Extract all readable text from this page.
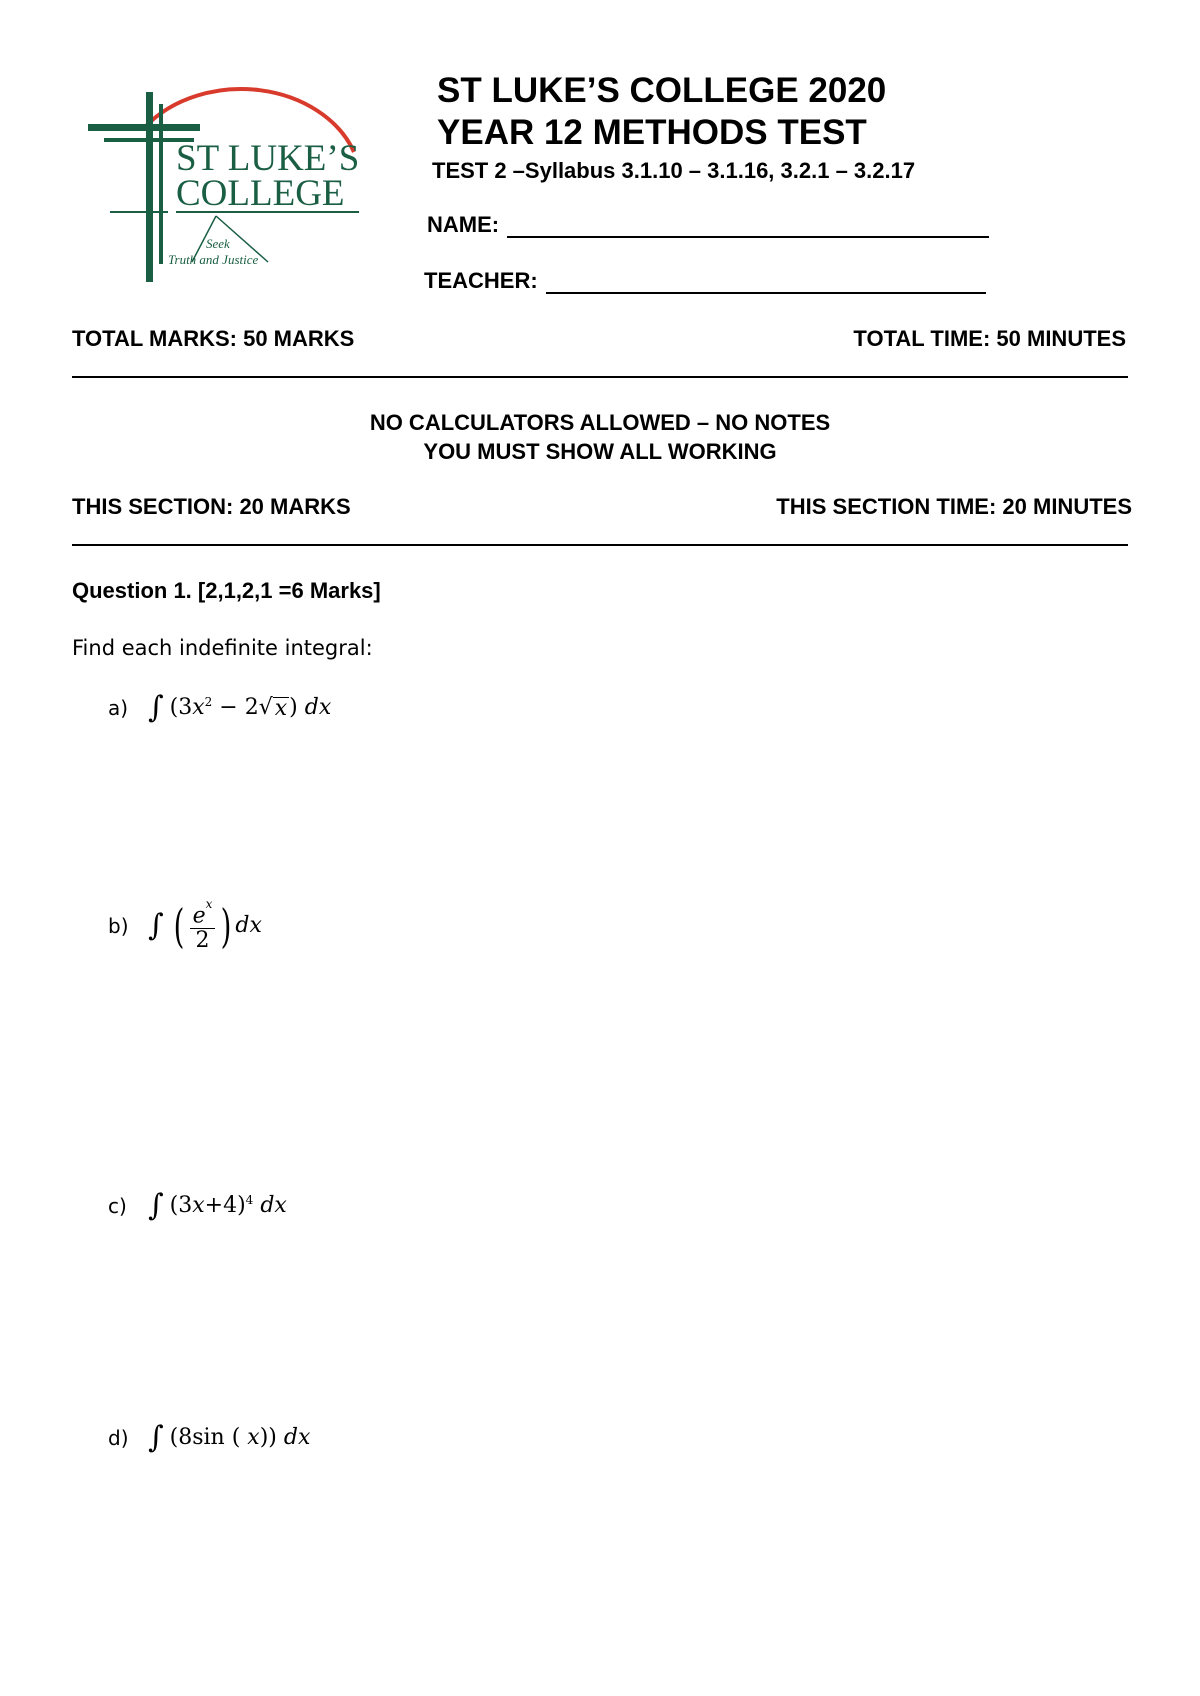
ST LUKE’S
COLLEGE
Seek
Truth and Justice
ST LUKE’S COLLEGE 2020
YEAR 12 METHODS TEST
TEST 2 –Syllabus 3.1.10 – 3.1.16, 3.2.1 – 3.2.17
NAME:
TEACHER:
TOTAL MARKS: 50 MARKS	TOTAL TIME: 50 MINUTES
NO CALCULATORS ALLOWED – NO NOTES
YOU MUST SHOW ALL WORKING
THIS SECTION: 20 MARKS	THIS SECTION TIME: 20 MINUTES
Question 1. [2,1,2,1 =6 Marks]
Find each indefinite integral:
a) ∫ (3 x 2 − 2 √ x ) dx
b) ∫ ( $\frac{e^x}{2}$ ) dx
c) ∫ (3 x +4) 4
dx
d) ∫ (8sin ( x )) dx
